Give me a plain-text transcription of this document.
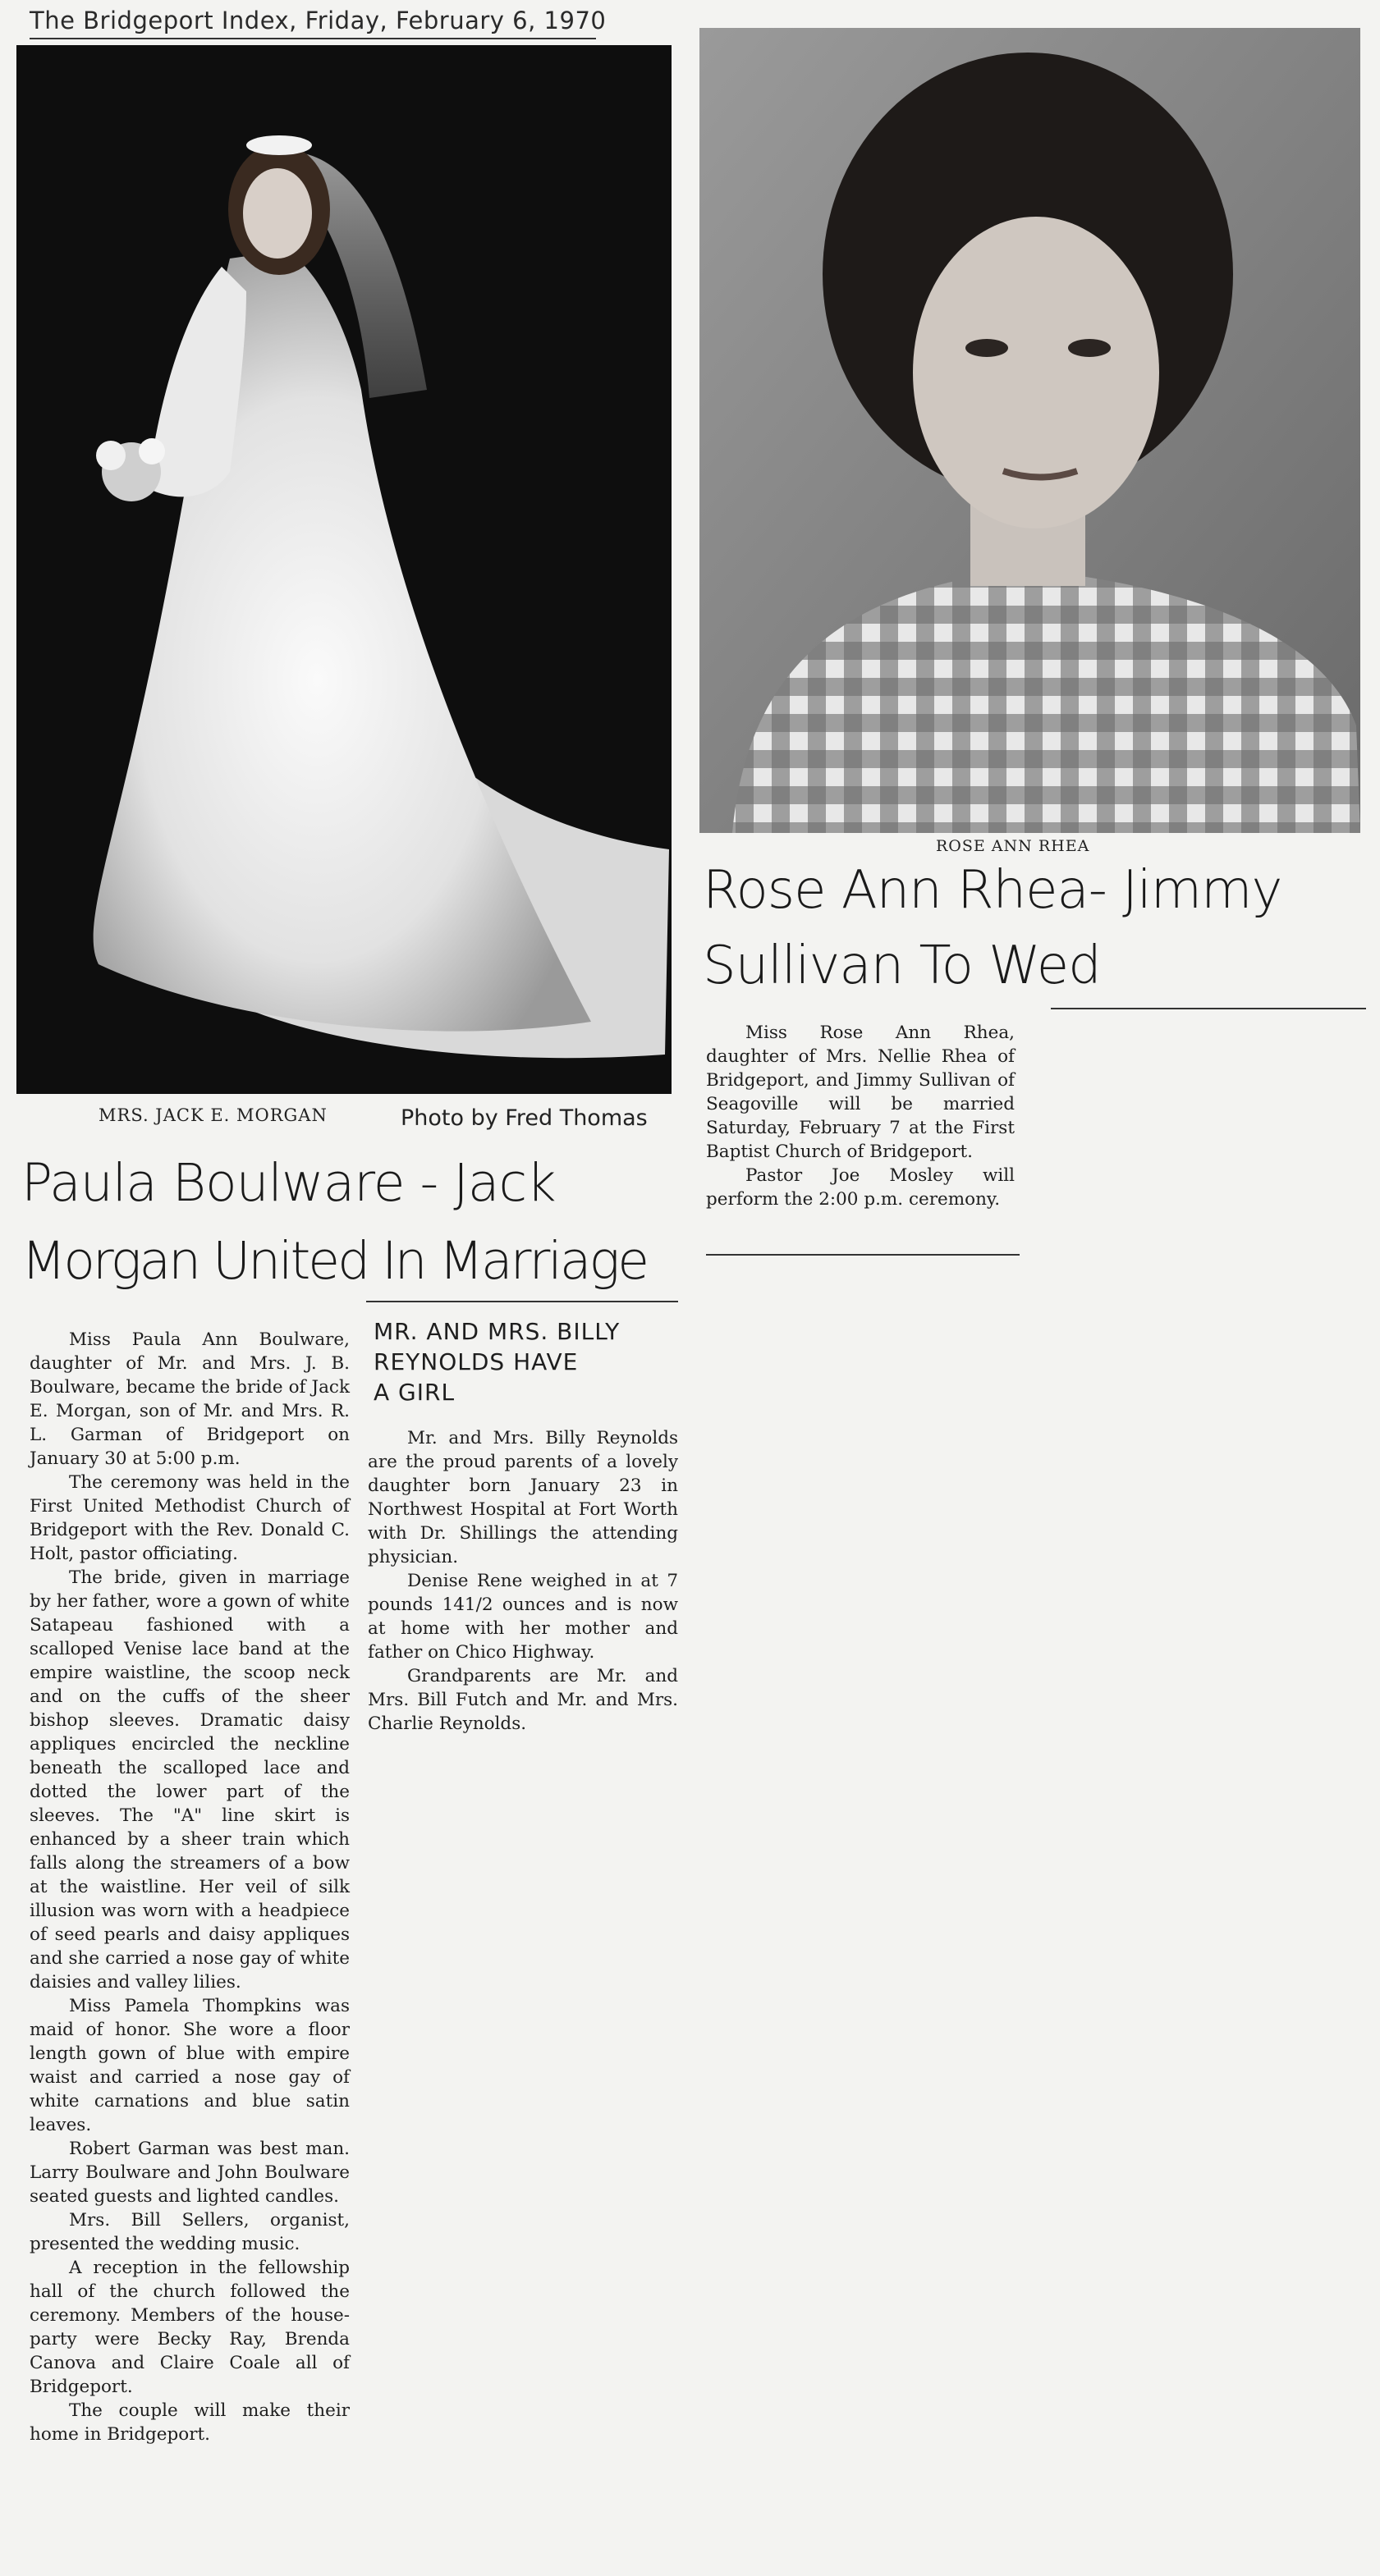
The Bridgeport Index, Friday, February 6, 1970
MRS. JACK E. MORGAN	Photo by Fred Thomas
Paula Boulware - Jack
Morgan United In Marriage

Miss Paula Ann Boulware, daughter of Mr. and Mrs. J. B. Boulware, became the bride of Jack E. Morgan, son of Mr. and Mrs. R. L. Garman of Bridgeport on January 30 at 5:00 p.m.

The ceremony was held in the First United Methodist Church of Bridgeport with the Rev. Donald C. Holt, pastor officiating.

The bride, given in marriage by her father, wore a gown of white Satapeau fashioned with a scalloped Venise lace band at the empire waistline, the scoop neck and on the cuffs of the sheer bishop sleeves. Dramatic daisy appliques encircled the neckline beneath the scalloped lace and dotted the lower part of the sleeves. The "A" line skirt is enhanced by a sheer train which falls along the streamers of a bow at the waistline. Her veil of silk illusion was worn with a headpiece of seed pearls and daisy appliques and she carried a nose gay of white daisies and valley lilies.

Miss Pamela Thompkins was maid of honor. She wore a floor length gown of blue with empire waist and carried a nose gay of white carnations and blue satin leaves.

Robert Garman was best man. Larry Boulware and John Boulware seated guests and lighted candles.

Mrs. Bill Sellers, organist, presented the wedding music.

A reception in the fellowship hall of the church followed the ceremony. Members of the house-party were Becky Ray, Brenda Canova and Claire Coale all of Bridgeport.

The couple will make their home in Bridgeport.

MR. AND MRS. BILLY
REYNOLDS HAVE
A GIRL

Mr. and Mrs. Billy Reynolds are the proud parents of a lovely daughter born January 23 in Northwest Hospital at Fort Worth with Dr. Shillings the attending physician.

Denise Rene weighed in at 7 pounds 141/2 ounces and is now at home with her mother and father on Chico Highway.

Grandparents are Mr. and Mrs. Bill Futch and Mr. and Mrs. Charlie Reynolds.

ROSE ANN RHEA
Rose Ann Rhea- Jimmy
Sullivan To Wed

Miss Rose Ann Rhea, daughter of Mrs. Nellie Rhea of Bridgeport, and Jimmy Sullivan of Seagoville will be married Saturday, February 7 at the First Baptist Church of Bridgeport.

Pastor Joe Mosley will perform the 2:00 p.m. ceremony.
